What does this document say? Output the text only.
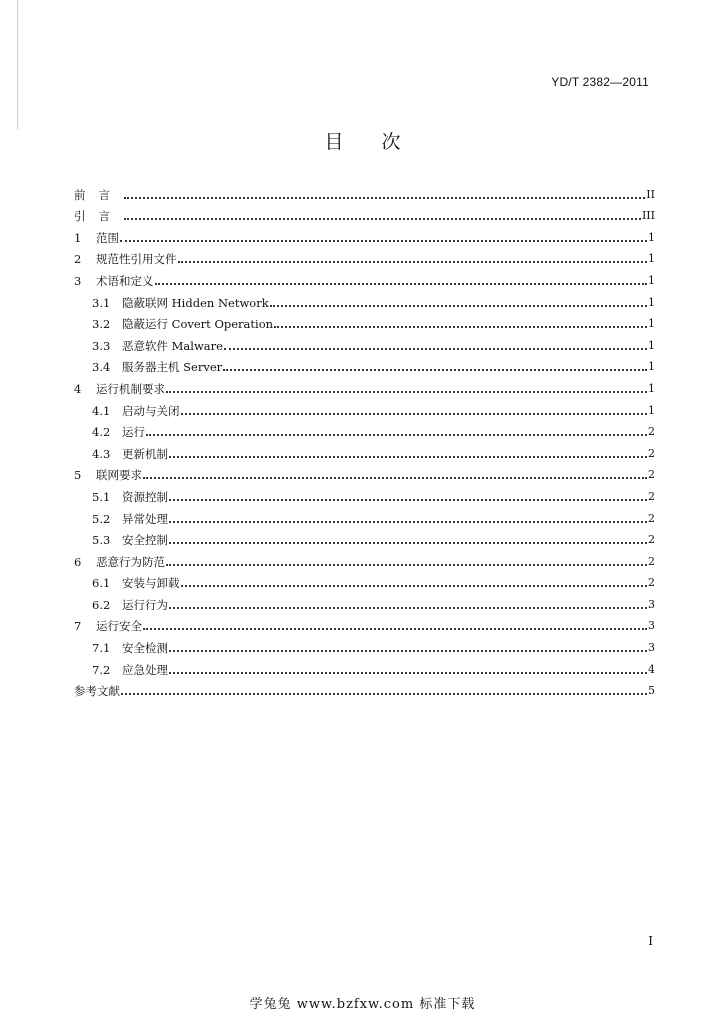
YD/T 2382—2011
目次
前言	II
引言	III
1	范围	1
2	规范性引用文件	1
3	术语和定义	1
3.1	隐蔽联网 Hidden Network	1
3.2	隐蔽运行 Covert Operation	1
3.3	恶意软件 Malware	1
3.4	服务器主机 Server	1
4	运行机制要求	1
4.1	启动与关闭	1
4.2	运行	2
4.3	更新机制	2
5	联网要求	2
5.1	资源控制	2
5.2	异常处理	2
5.3	安全控制	2
6	恶意行为防范	2
6.1	安装与卸载	2
6.2	运行行为	3
7	运行安全	3
7.1	安全检测	3
7.2	应急处理	4
参考文献	5
I
学兔兔 www.bzfxw.com 标准下载
